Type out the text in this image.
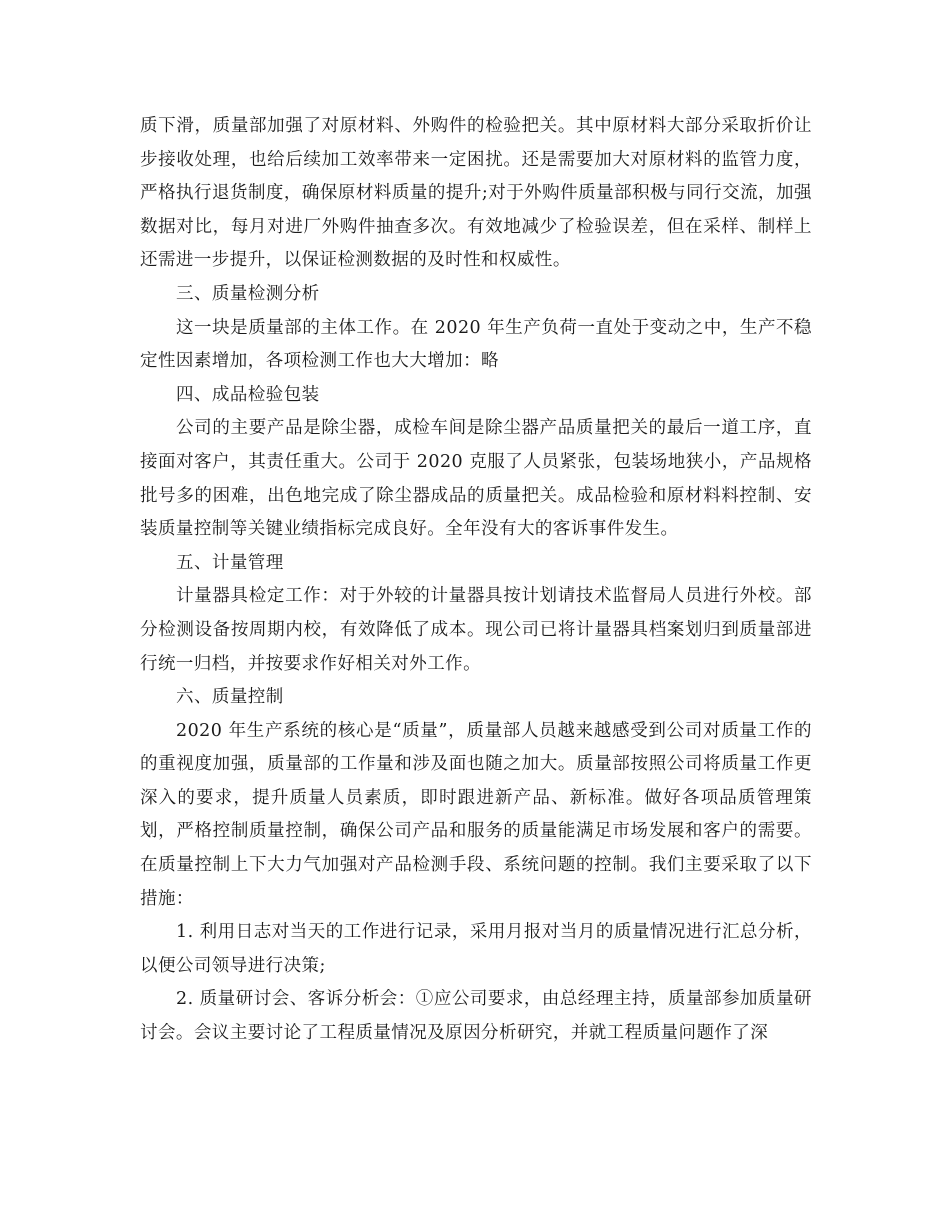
质下滑，质量部加强了对原材料、外购件的检验把关。其中原材料大部分采取折价让步接收处理，也给后续加工效率带来一定困扰。还是需要加大对原材料的监管力度，严格执行退货制度，确保原材料质量的提升;对于外购件质量部积极与同行交流，加强数据对比，每月对进厂外购件抽查多次。有效地减少了检验误差，但在采样、制样上还需进一步提升，以保证检测数据的及时性和权威性。

三、质量检测分析

这一块是质量部的主体工作。在 2020 年生产负荷一直处于变动之中，生产不稳定性因素增加，各项检测工作也大大增加：略

四、成品检验包装

公司的主要产品是除尘器，成检车间是除尘器产品质量把关的最后一道工序，直接面对客户，其责任重大。公司于 2020 克服了人员紧张，包装场地狭小，产品规格批号多的困难，出色地完成了除尘器成品的质量把关。成品检验和原材料料控制、安装质量控制等关键业绩指标完成良好。全年没有大的客诉事件发生。

五、计量管理

计量器具检定工作：对于外较的计量器具按计划请技术监督局人员进行外校。部分检测设备按周期内校，有效降低了成本。现公司已将计量器具档案划归到质量部进行统一归档，并按要求作好相关对外工作。

六、质量控制

2020 年生产系统的核心是“质量”，质量部人员越来越感受到公司对质量工作的的重视度加强，质量部的工作量和涉及面也随之加大。质量部按照公司将质量工作更深入的要求，提升质量人员素质，即时跟进新产品、新标准。做好各项品质管理策划，严格控制质量控制，确保公司产品和服务的质量能满足市场发展和客户的需要。在质量控制上下大力气加强对产品检测手段、系统问题的控制。我们主要采取了以下措施：

1. 利用日志对当天的工作进行记录，采用月报对当月的质量情况进行汇总分析，以便公司领导进行决策;

2. 质量研讨会、客诉分析会：①应公司要求，由总经理主持，质量部参加质量研讨会。会议主要讨论了工程质量情况及原因分析研究，并就工程质量问题作了深
